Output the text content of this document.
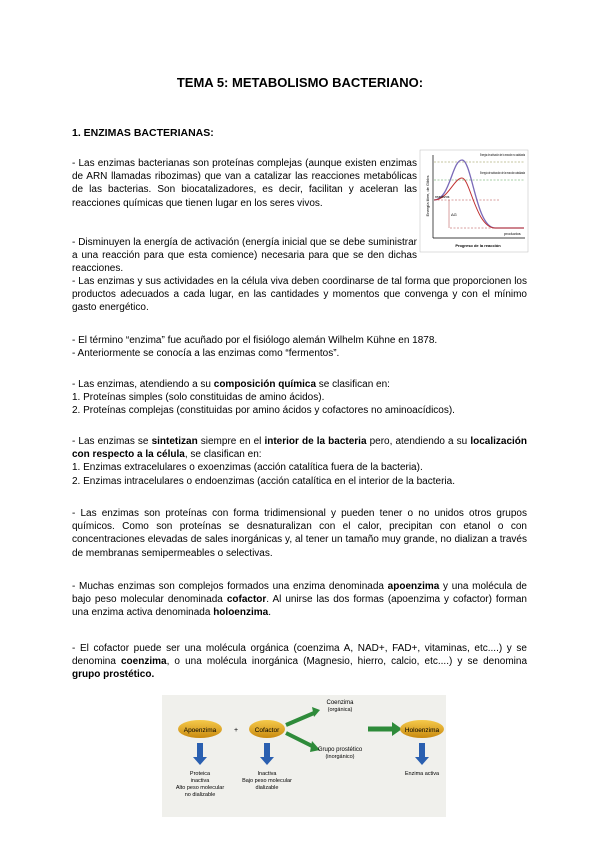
TEMA 5: METABOLISMO BACTERIANO:
1. ENZIMAS BACTERIANAS:
- Las enzimas bacterianas son proteínas complejas (aunque existen enzimas de ARN llamadas ribozimas) que van a catalizar las reacciones metabólicas de las bacterias. Son biocatalizadores, es decir, facilitan y aceleran las reacciones químicas que tienen lugar en los seres vivos.
- Disminuyen la energía de activación (energía inicial que se debe suministrar a una reacción para que esta comience) necesaria para que se den dichas reacciones.
- Las enzimas y sus actividades en la célula viva deben coordinarse de tal forma que proporcionen los productos adecuados a cada lugar, en las cantidades y momentos que convenga y con el mínimo gasto energético.
- El término “enzima” fue acuñado por el fisiólogo alemán Wilhelm Kühne en 1878.
- Anteriormente se conocía a las enzimas como “fermentos”.
- Las enzimas, atendiendo a su composición química se clasifican en:
1. Proteínas simples (solo constituidas de amino ácidos).
2. Proteínas complejas (constituidas por amino ácidos y cofactores no aminoacídicos).
- Las enzimas se sintetizan siempre en el interior de la bacteria pero, atendiendo a su localización con respecto a la célula, se clasifican en:
1. Enzimas extracelulares o exoenzimas (acción catalítica fuera de la bacteria).
2. Enzimas intracelulares o endoenzimas (acción catalítica en el interior de la bacteria.
- Las enzimas son proteínas con forma tridimensional y pueden tener o no unidos otros grupos químicos. Como son proteínas se desnaturalizan con el calor, precipitan con etanol o con concentraciones elevadas de sales inorgánicas y, al tener un tamaño muy grande, no dializan a través de membranas semipermeables o selectivas.
- Muchas enzimas son complejos formados una enzima denominada apoenzima y una molécula de bajo peso molecular denominada cofactor. Al unirse las dos formas (apoenzima y cofactor) forman una enzima activa denominada holoenzima.
- El cofactor puede ser una molécula orgánica (coenzima A, NAD+, FAD+, vitaminas, etc....) y se denomina coenzima, o una molécula inorgánica (Magnesio, hierro, calcio, etc....) y se denomina grupo prostético.
Energía libre, de Gibbs
Progreso de la reacción
Energía de activación de la reacción no catalizada
Energía de activación de la reacción catalizada
reactivos
ΔG
productos
Apoenzima	+	Cofactor
Coenzima
(orgánica)
Grupo prostético
(inorgánico)
Holoenzima
Proteica
inactiva
Alto peso molecular
no dializable
Inactiva
Bajo peso molecular
dializable
Enzima activa
